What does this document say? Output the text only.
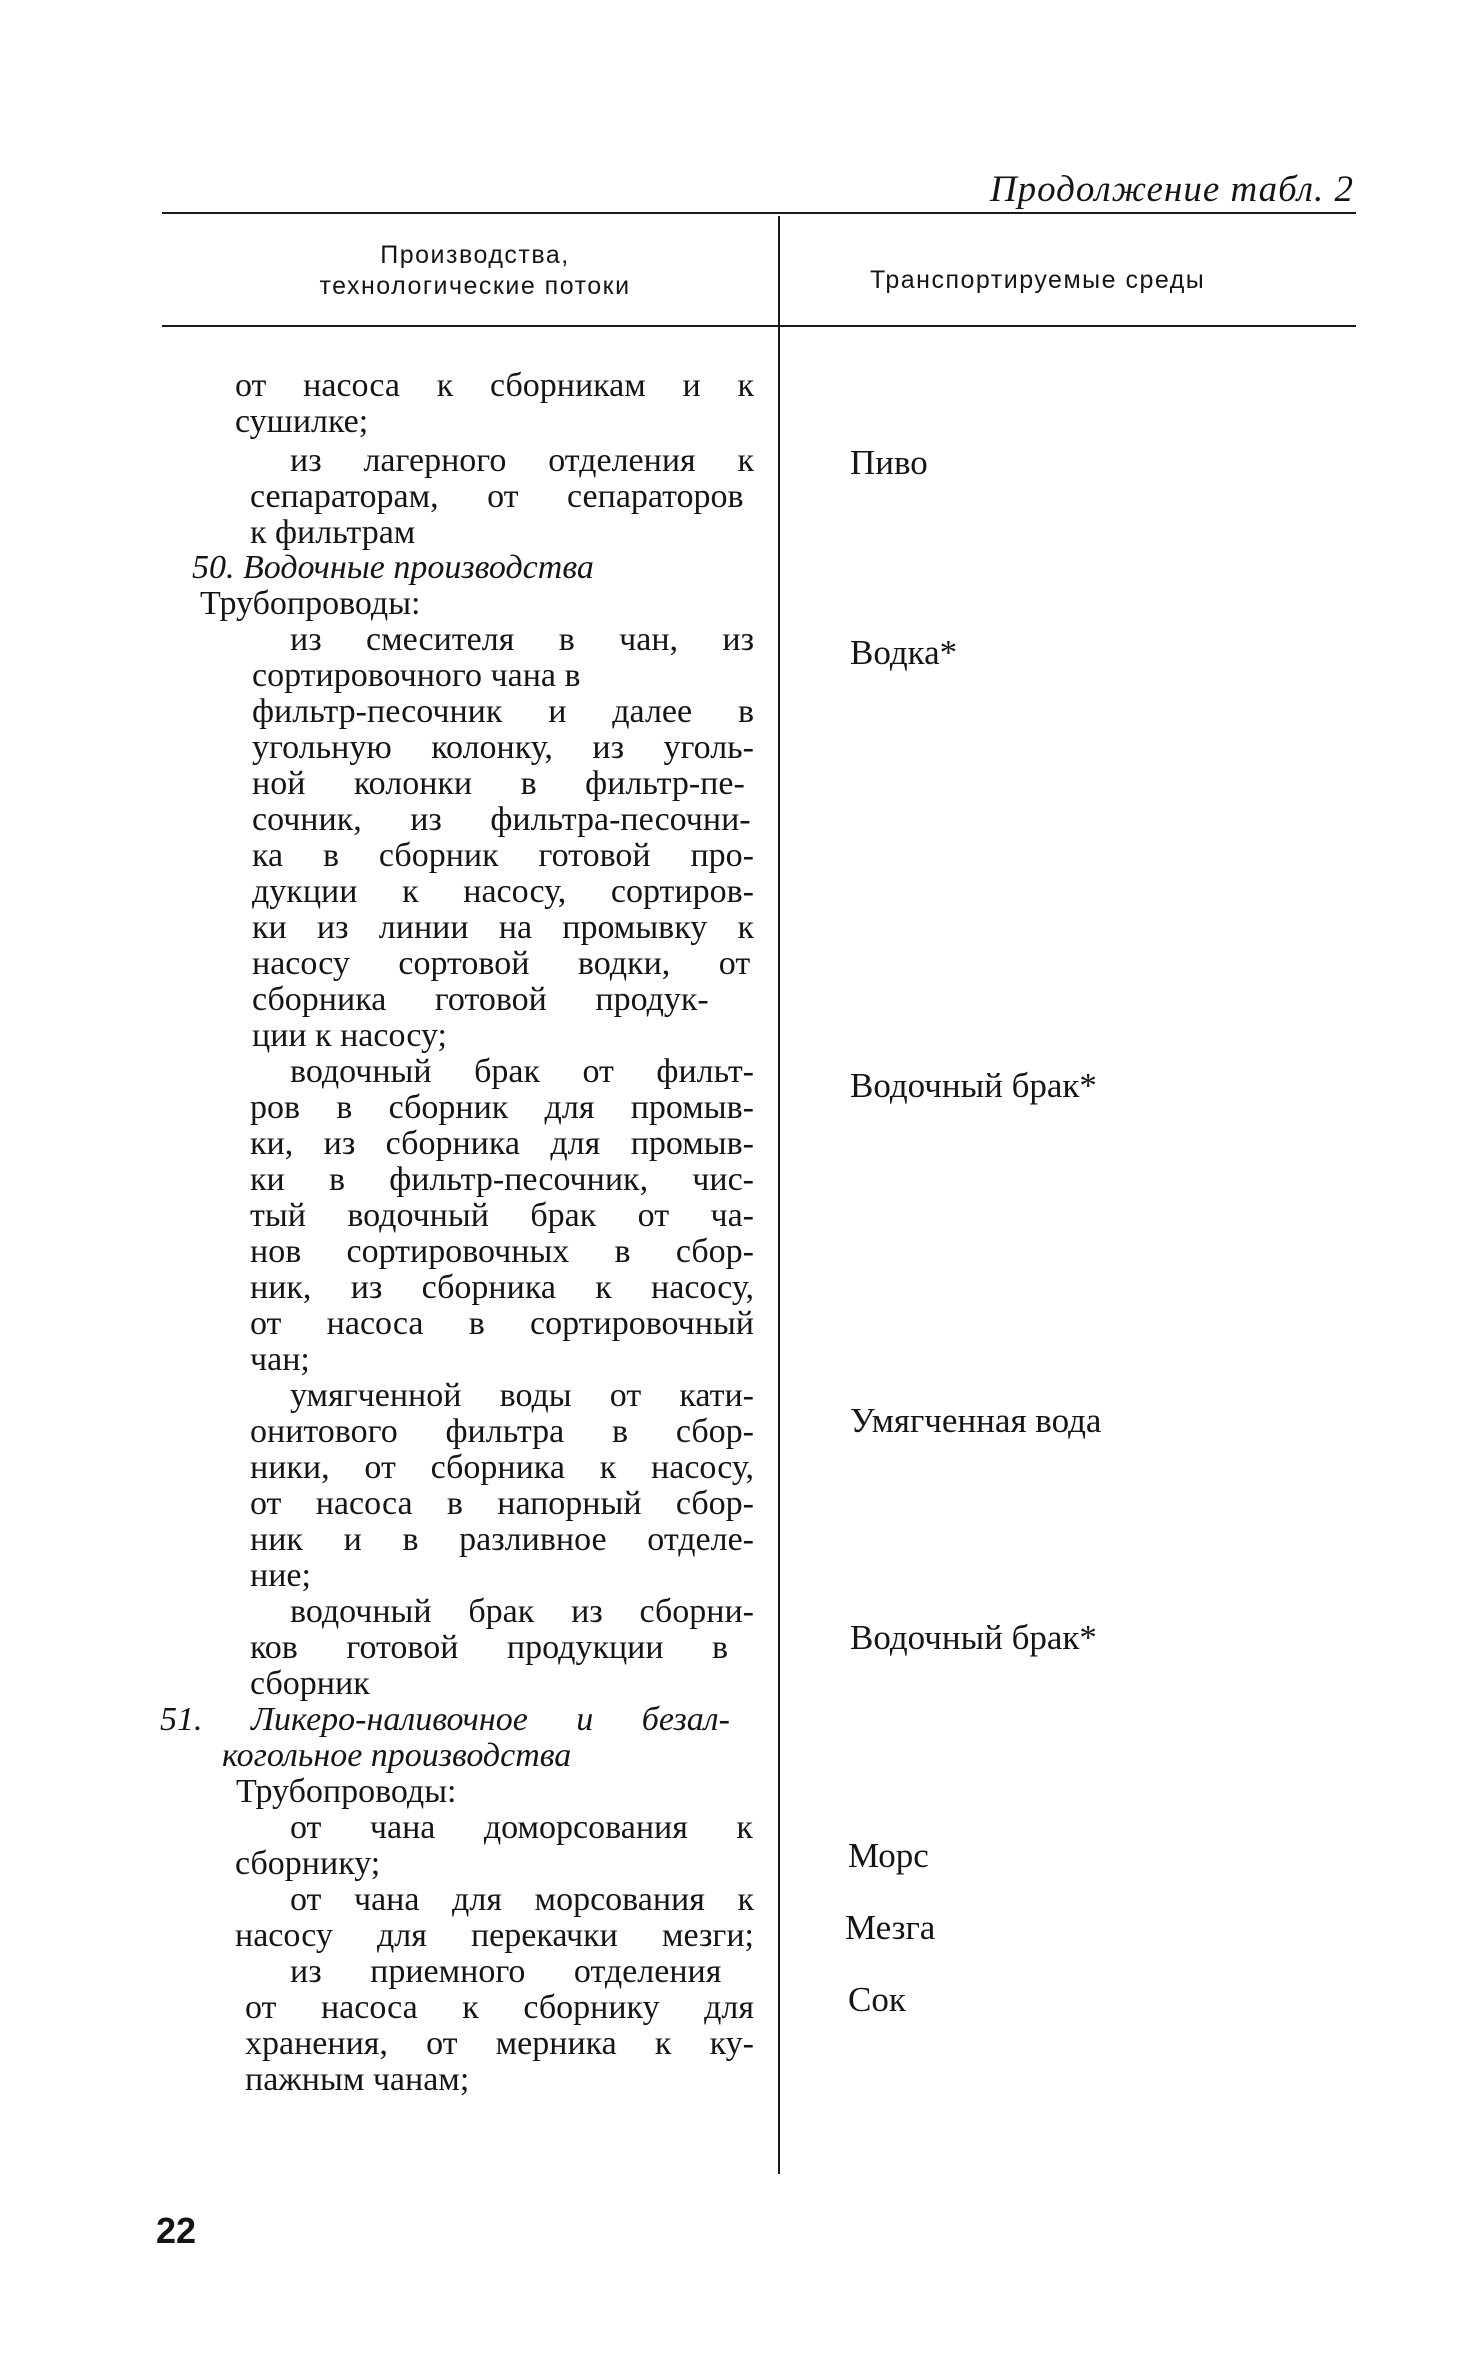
Продолжение табл. 2
Производства,
технологические потоки	Транспортируемые среды
от насоса к сборникам и к
сушилке;
из лагерного отделения к
сепараторам, от сепараторов
к фильтрам
50. Водочные производства
Трубопроводы:
из смесителя в чан, из
сортировочного чана в
фильтр-песочник и далее в
угольную колонку, из уголь-
ной колонки в фильтр-пе-
сочник, из фильтра-песочни-
ка в сборник готовой про-
дукции к насосу, сортиров-
ки из линии на промывку к
насосу сортовой водки, от
сборника готовой продук-
ции к насосу;
водочный брак от фильт-
ров в сборник для промыв-
ки, из сборника для промыв-
ки в фильтр-песочник, чис-
тый водочный брак от ча-
нов сортировочных в сбор-
ник, из сборника к насосу,
от насоса в сортировочный
чан;
умягченной воды от кати-
онитового фильтра в сбор-
ники, от сборника к насосу,
от насоса в напорный сбор-
ник и в разливное отделе-
ние;
водочный брак из сборни-
ков готовой продукции в
сборник
51. Ликеро-наливочное и безал-
когольное производства
Трубопроводы:
от чана доморсования к
сборнику;
от чана для морсования к
насосу для перекачки мезги;
из приемного отделения
от насоса к сборнику для
хранения, от мерника к ку-
пажным чанам;
Пиво
Водка*
Водочный брак*
Умягченная вода
Водочный брак*
Морс
Мезга
Сок
22
